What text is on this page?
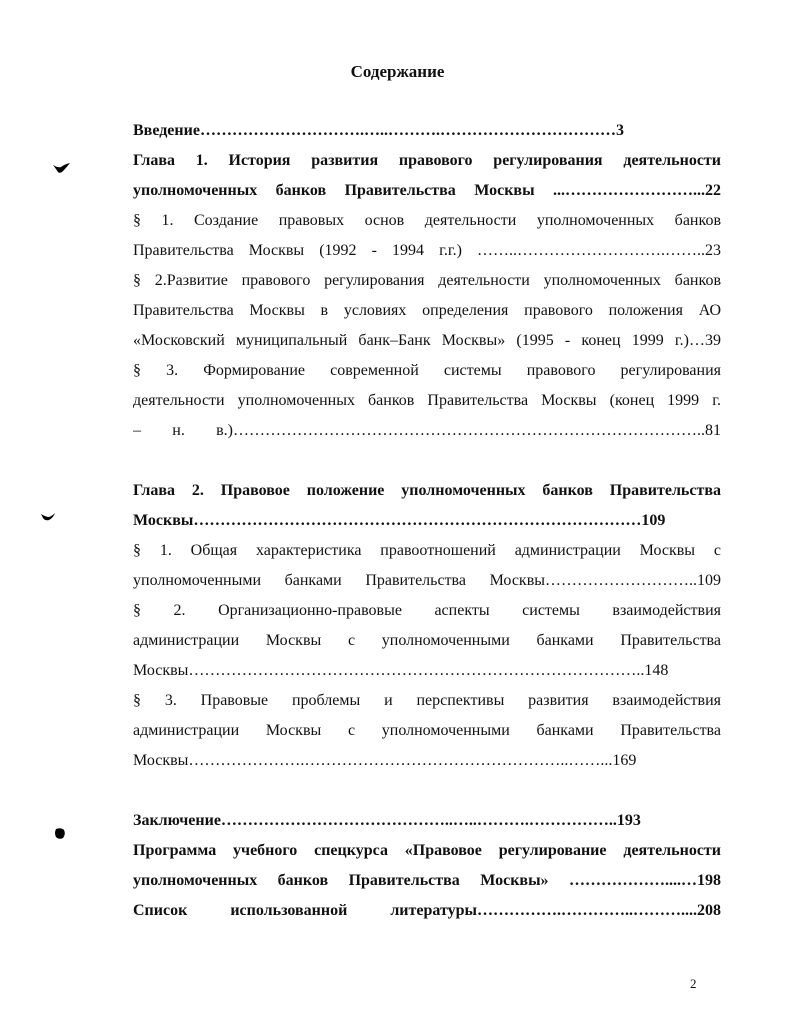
Содержание
Введение………………………….…..……….……………………………3
Глава 1. История развития правового регулирования деятельности
уполномоченных банков Правительства Москвы ...……………………...22
§ 1. Создание правовых основ деятельности уполномоченных банков
Правительства Москвы (1992 - 1994 г.г.) ……..……………………….……..23
§ 2.Развитие правового регулирования деятельности уполномоченных банков
Правительства Москвы в условиях определения правового положения АО
«Московский муниципальный банк–Банк Москвы» (1995 - конец 1999 г.)…39
§ 3. Формирование современной системы правового регулирования
деятельности уполномоченных банков Правительства Москвы (конец 1999 г.
– н. в.)……………………………………………………………………………..81
Глава 2. Правовое положение уполномоченных банков Правительства
Москвы…………………………………………………………………………109
§ 1. Общая характеристика правоотношений администрации Москвы с
уполномоченными банками Правительства Москвы………………………..109
§ 2. Организационно-правовые аспекты системы взаимодействия
администрации Москвы с уполномоченными банками Правительства
Москвы…………………………………………………………………………..148
§ 3. Правовые проблемы и перспективы развития взаимодействия
администрации Москвы с уполномоченными банками Правительства
Москвы………………….…………………………………………..……...169
Заключение……………………………………..…..……….……………..193
Программа учебного спецкурса «Правовое регулирование деятельности
уполномоченных банков Правительства Москвы» ………………....…198
Список использованной литературы…………….…………..………....208
2
